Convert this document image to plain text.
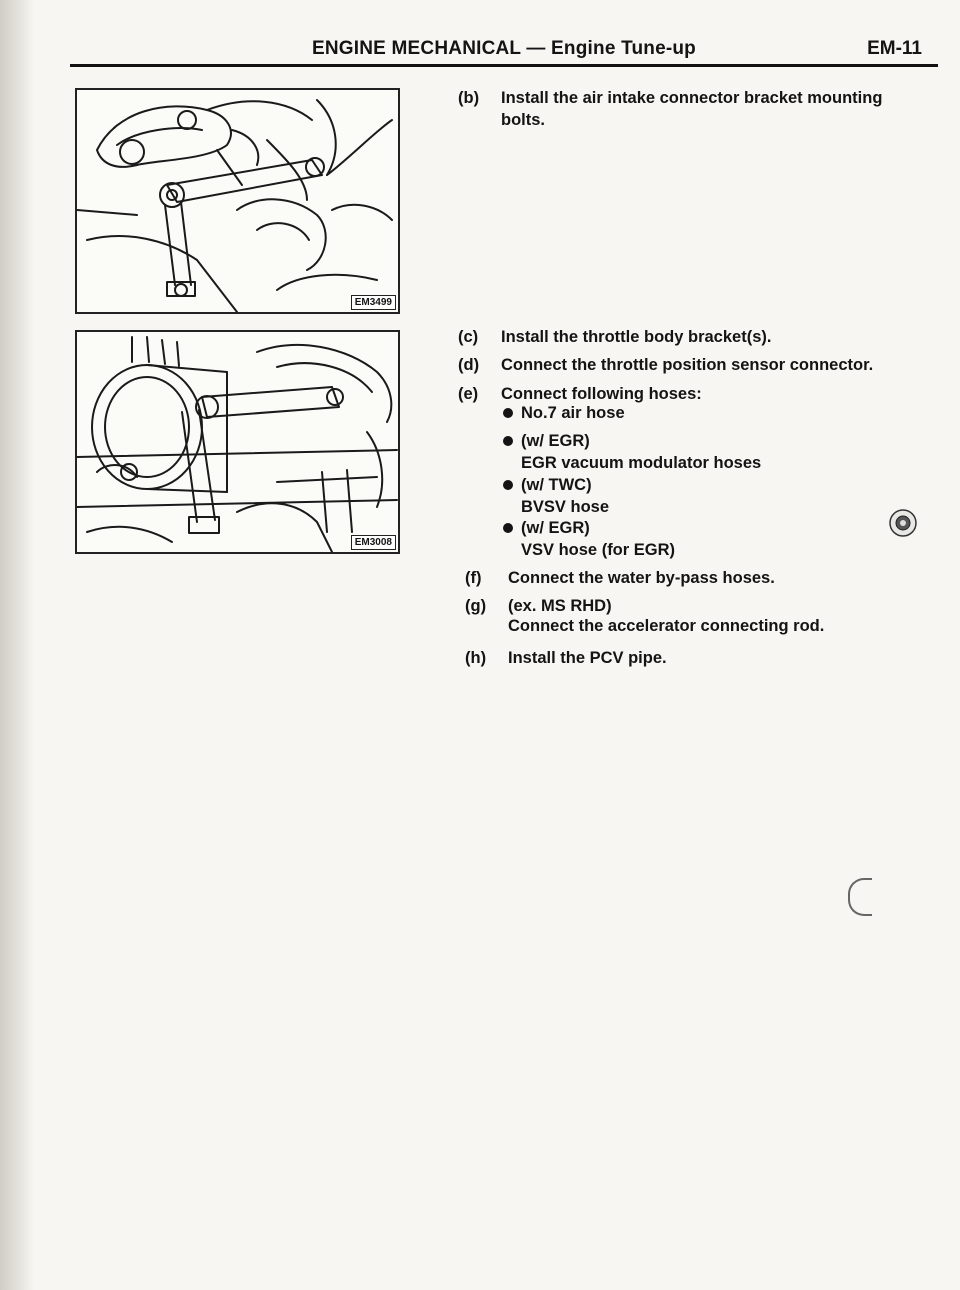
ENGINE MECHANICAL — Engine Tune-up	EM-11
EM3499
EM3008
(b) Install the air intake connector bracket mounting
bolts.
(c) Install the throttle body bracket(s).
(d) Connect the throttle position sensor connector.
(e) Connect following hoses:
No.7 air hose
(w/ EGR)
EGR vacuum modulator hoses
(w/ TWC)
BVSV hose
(w/ EGR)
VSV hose (for EGR)
(f) Connect the water by-pass hoses.
(g) (ex. MS RHD)
Connect the accelerator connecting rod.
(h) Install the PCV pipe.
